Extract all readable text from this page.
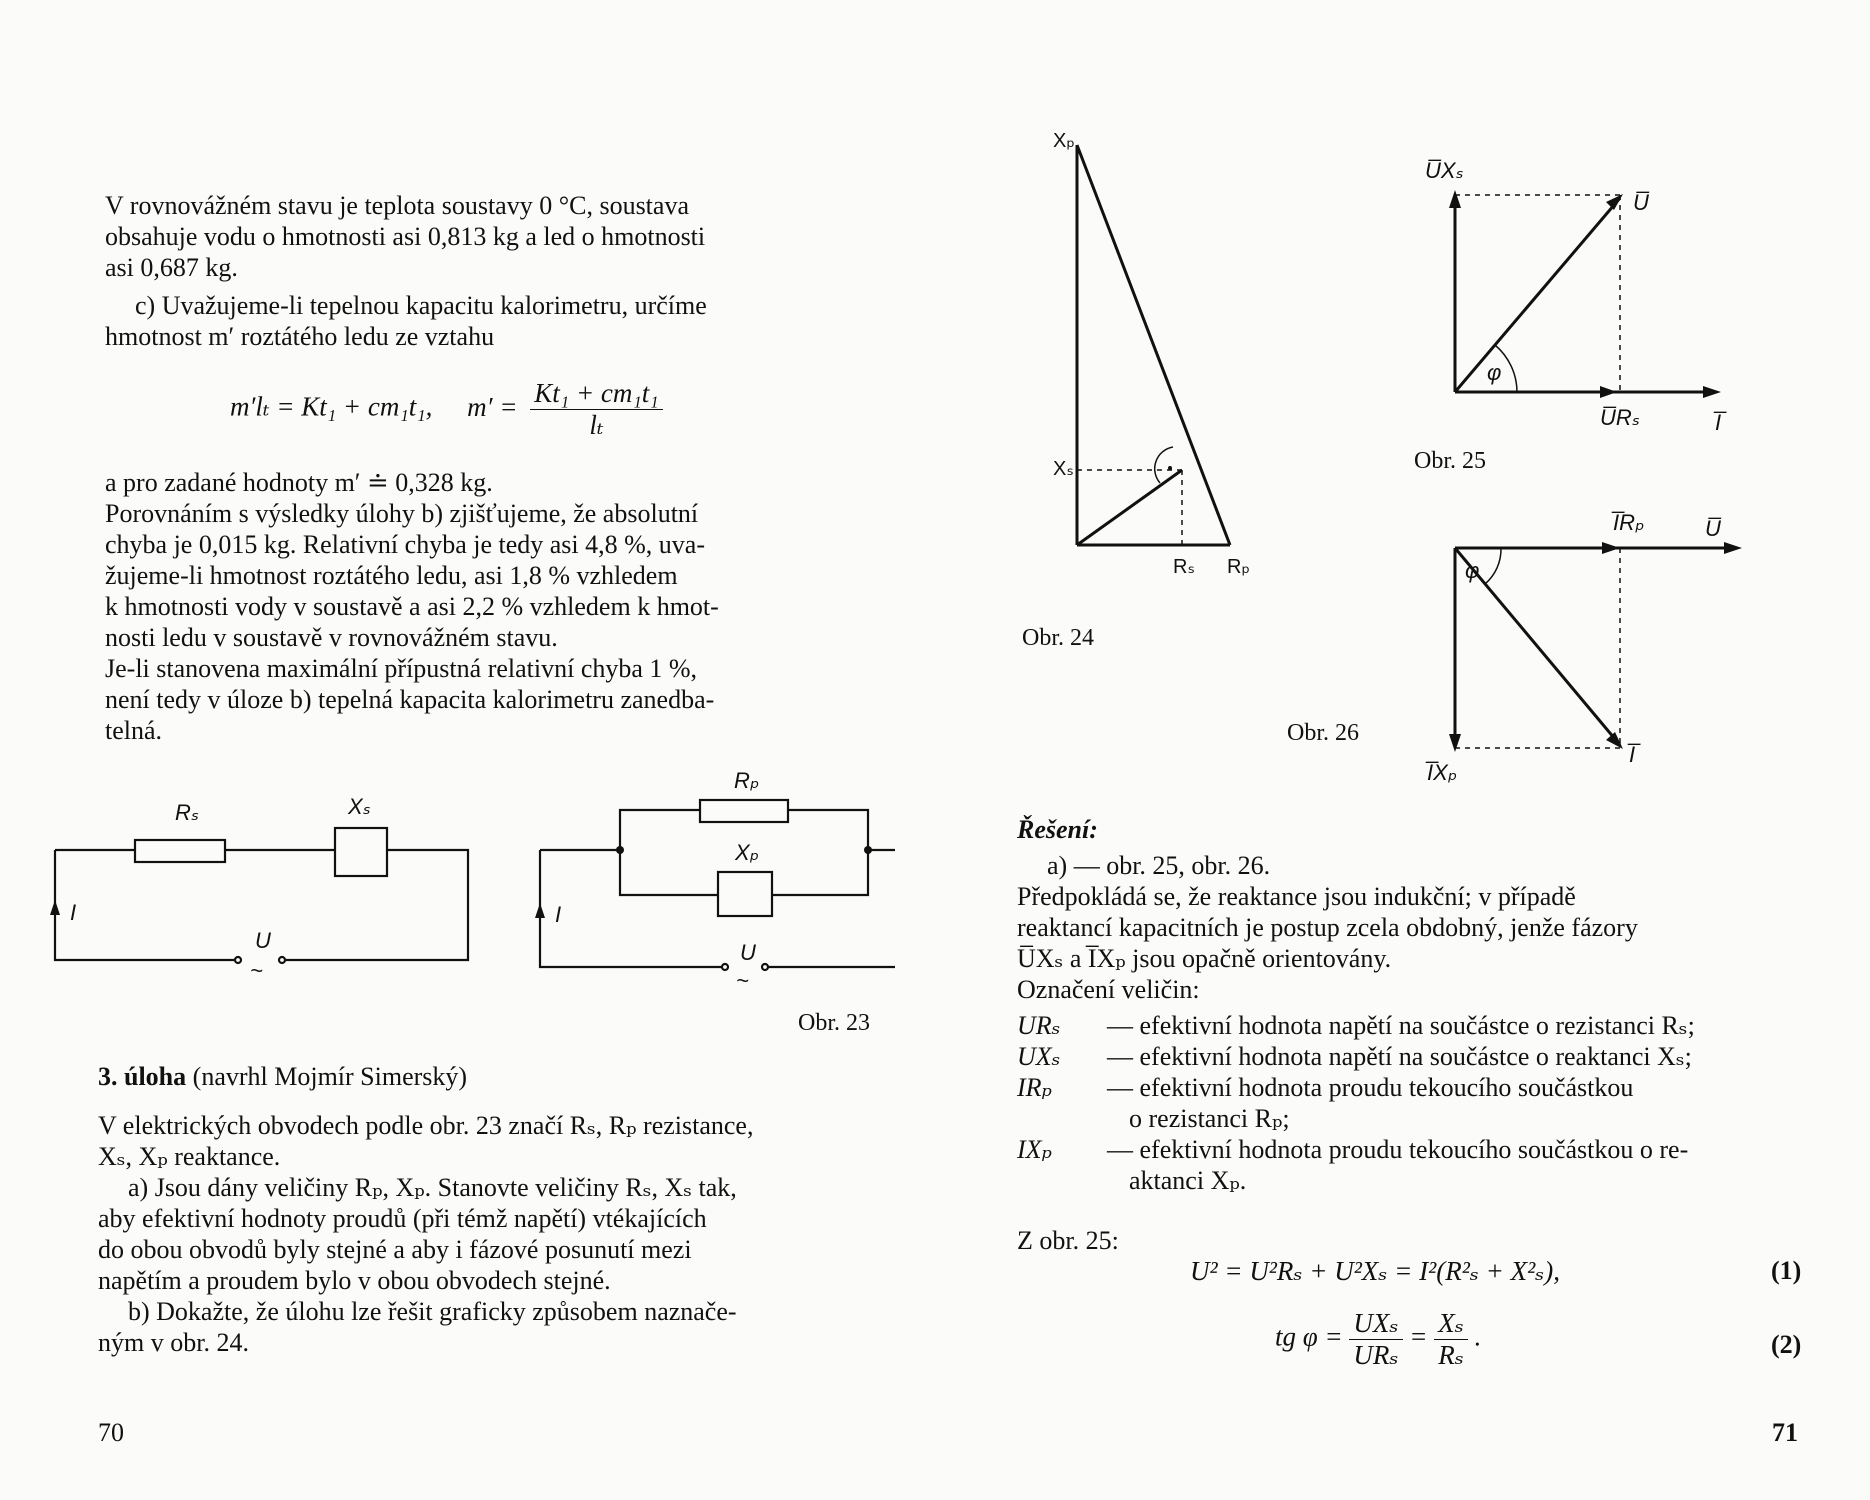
V rovnovážném stavu je teplota soustavy 0 °C, soustava
obsahuje vodu o hmotnosti asi 0,813 kg a led o hmotnosti
asi 0,687 kg.
c) Uvažujeme-li tepelnou kapacitu kalorimetru, určíme
hmotnost m′ roztátého ledu ze vztahu
m′lₜ = Kt₁ + cm₁t₁, $m' = \frac{\text{Kt₁ + cm₁t₁}}{\text{lₜ}}$
a pro zadané hodnoty m′ ≐ 0,328 kg.
Porovnáním s výsledky úlohy b) zjišťujeme, že absolutní
chyba je 0,015 kg. Relativní chyba je tedy asi 4,8 %, uva-
žujeme-li hmotnost roztátého ledu, asi 1,8 % vzhledem
k hmotnosti vody v soustavě a asi 2,2 % vzhledem k hmot-
nosti ledu v soustavě v rovnovážném stavu.
Je-li stanovena maximální přípustná relativní chyba 1 %,
není tedy v úloze b) tepelná kapacita kalorimetru zanedba-
telná.
Rₛ	Xₛ
I
U
~
Rₚ
Xₚ
I
U
~
Obr. 23
3. úloha (navrhl Mojmír Simerský)
V elektrických obvodech podle obr. 23 značí Rₛ, Rₚ rezistance,
Xₛ, Xₚ reaktance.
a) Jsou dány veličiny Rₚ, Xₚ. Stanovte veličiny Rₛ, Xₛ tak,
aby efektivní hodnoty proudů (při témž napětí) vtékajících
do obou obvodů byly stejné a aby i fázové posunutí mezi
napětím a proudem bylo v obou obvodech stejné.
b) Dokažte, že úlohu lze řešit graficky způsobem naznače-
ným v obr. 24.
70
Xₚ
Xₛ
Rₛ Rₚ
Obr. 24
U̅Xₛ
U̅
φ
U̅Rₛ	I̅
Obr. 25
I̅Rₚ	U̅
φ
I̅Xₚ
I̅
Obr. 26
Řešení:
a) — obr. 25, obr. 26.
Předpokládá se, že reaktance jsou indukční; v případě
reaktancí kapacitních je postup zcela obdobný, jenže fázory
U̅Xₛ a I̅Xₚ jsou opačně orientovány.
Označení veličin:
URₛ — efektivní hodnota napětí na součástce o rezistanci Rₛ;
UXₛ — efektivní hodnota napětí na součástce o reaktanci Xₛ;
IRₚ — efektivní hodnota proudu tekoucího součástkou
o rezistanci Rₚ;
IXₚ — efektivní hodnota proudu tekoucího součástkou o re-
aktanci Xₚ.
Z obr. 25:
U² = U²Rₛ + U²Xₛ = I²(R²ₛ + X²ₛ),	(1)
tg $\varphi = \frac{\text{UXₛ}}{\text{URₛ}} = \frac{\text{Xₛ}}{\text{Rₛ}}$ .	(2)
71
